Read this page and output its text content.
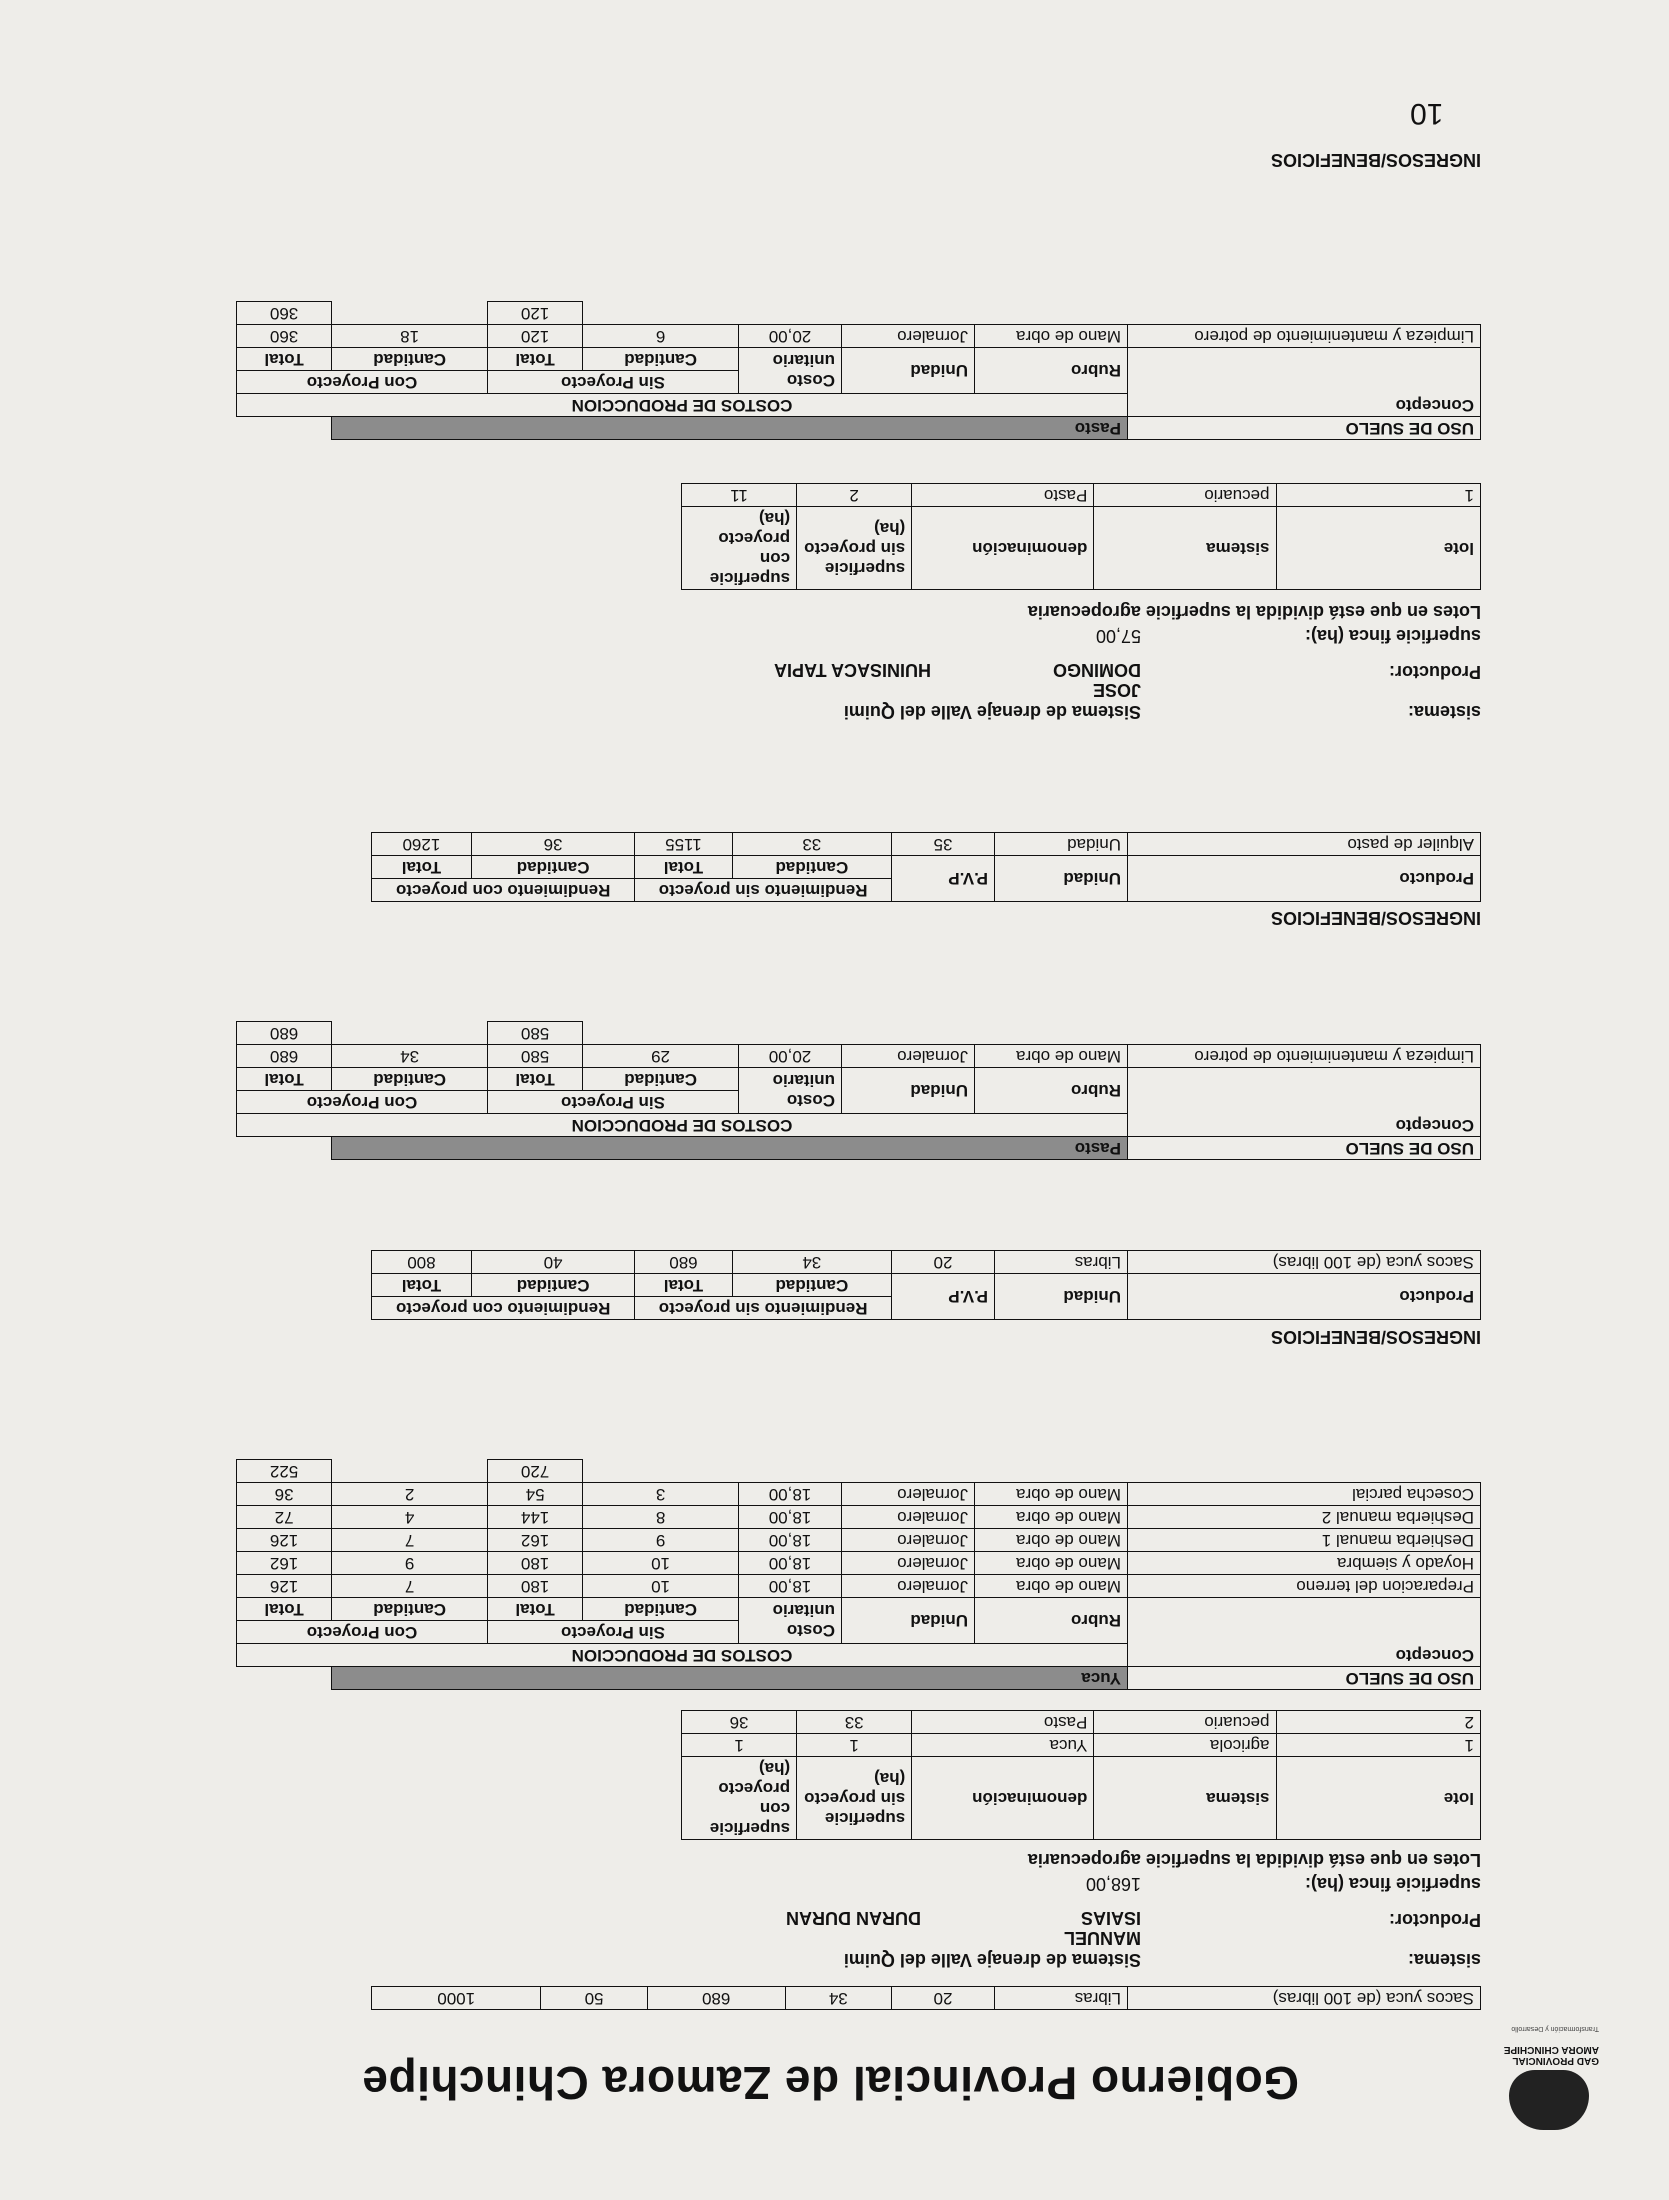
GAD PROVINCIAL
AMORA CHINCHIPE
Transformación y Desarrollo
Gobierno Provincial de Zamora Chinchipe
Sacos yuca (de 100 libras)	Libras	20	34	680	50	1000
sistema:
Sistema de drenaje Valle del Quimi
Productor:
MANUEL
ISAIAS
DURAN DURAN
superficie finca (ha):
168,00
Lotes en que está dividida la superficie agropecuaria
lote	sistema	denominación	superficie sin proyecto (ha)	superficie con proyecto (ha)
1	agricola	Yuca	1	1
2	pecuario	Pasto	33	36
USO DE SUELO	Yuca						
Concepto	COSTOS DE PRODUCCION						
	Rubro	Unidad	Costo unitario	Sin Proyecto		Con Proyecto	
				Cantidad	Total	Cantidad	Total
Preparacion del terreno	Mano de obra	Jornalero	18,00	10	180	7	126
Hoyado y siembra	Mano de obra	Jornalero	18,00	10	180	9	162
Deshierba manual 1	Mano de obra	Jornalero	18,00	9	162	7	126
Deshierba manual 2	Mano de obra	Jornalero	18,00	8	144	4	72
Cosecha parcial	Mano de obra	Jornalero	18,00	3	54	2	36
					720		522
INGRESOS/BENEFICIOS
Producto	Unidad	P.V.P	Rendimiento sin proyecto		Rendimiento con proyecto	
			Cantidad	Total	Cantidad	Total
Sacos yuca (de 100 libras)	Libras	20	34	680	40	800
USO DE SUELO	Pasto						
Concepto	COSTOS DE PRODUCCION						
	Rubro	Unidad	Costo unitario	Sin Proyecto		Con Proyecto	
				Cantidad	Total	Cantidad	Total
Limpieza y mantenimiento de potrero	Mano de obra	Jornalero	20,00	29	580	34	680
					580		680
INGRESOS/BENEFICIOS
Producto	Unidad	P.V.P	Rendimiento sin proyecto		Rendimiento con proyecto	
			Cantidad	Total	Cantidad	Total
Alquiler de pasto	Unidad	35	33	1155	36	1260
sistema:
Sistema de drenaje Valle del Quimi
Productor:
JOSE
DOMINGO
HUINISACA TAPIA
superficie finca (ha):
57,00
Lotes en que está dividida la superficie agropecuaria
lote	sistema	denominación	superficie sin proyecto (ha)	superficie con proyecto (ha)
1	pecuario	Pasto	2	11
USO DE SUELO	Pasto						
Concepto	COSTOS DE PRODUCCION						
	Rubro	Unidad	Costo unitario	Sin Proyecto		Con Proyecto	
				Cantidad	Total	Cantidad	Total
Limpieza y mantenimiento de potrero	Mano de obra	Jornalero	20,00	6	120	18	360
					120		360
INGRESOS/BENEFICIOS
10
